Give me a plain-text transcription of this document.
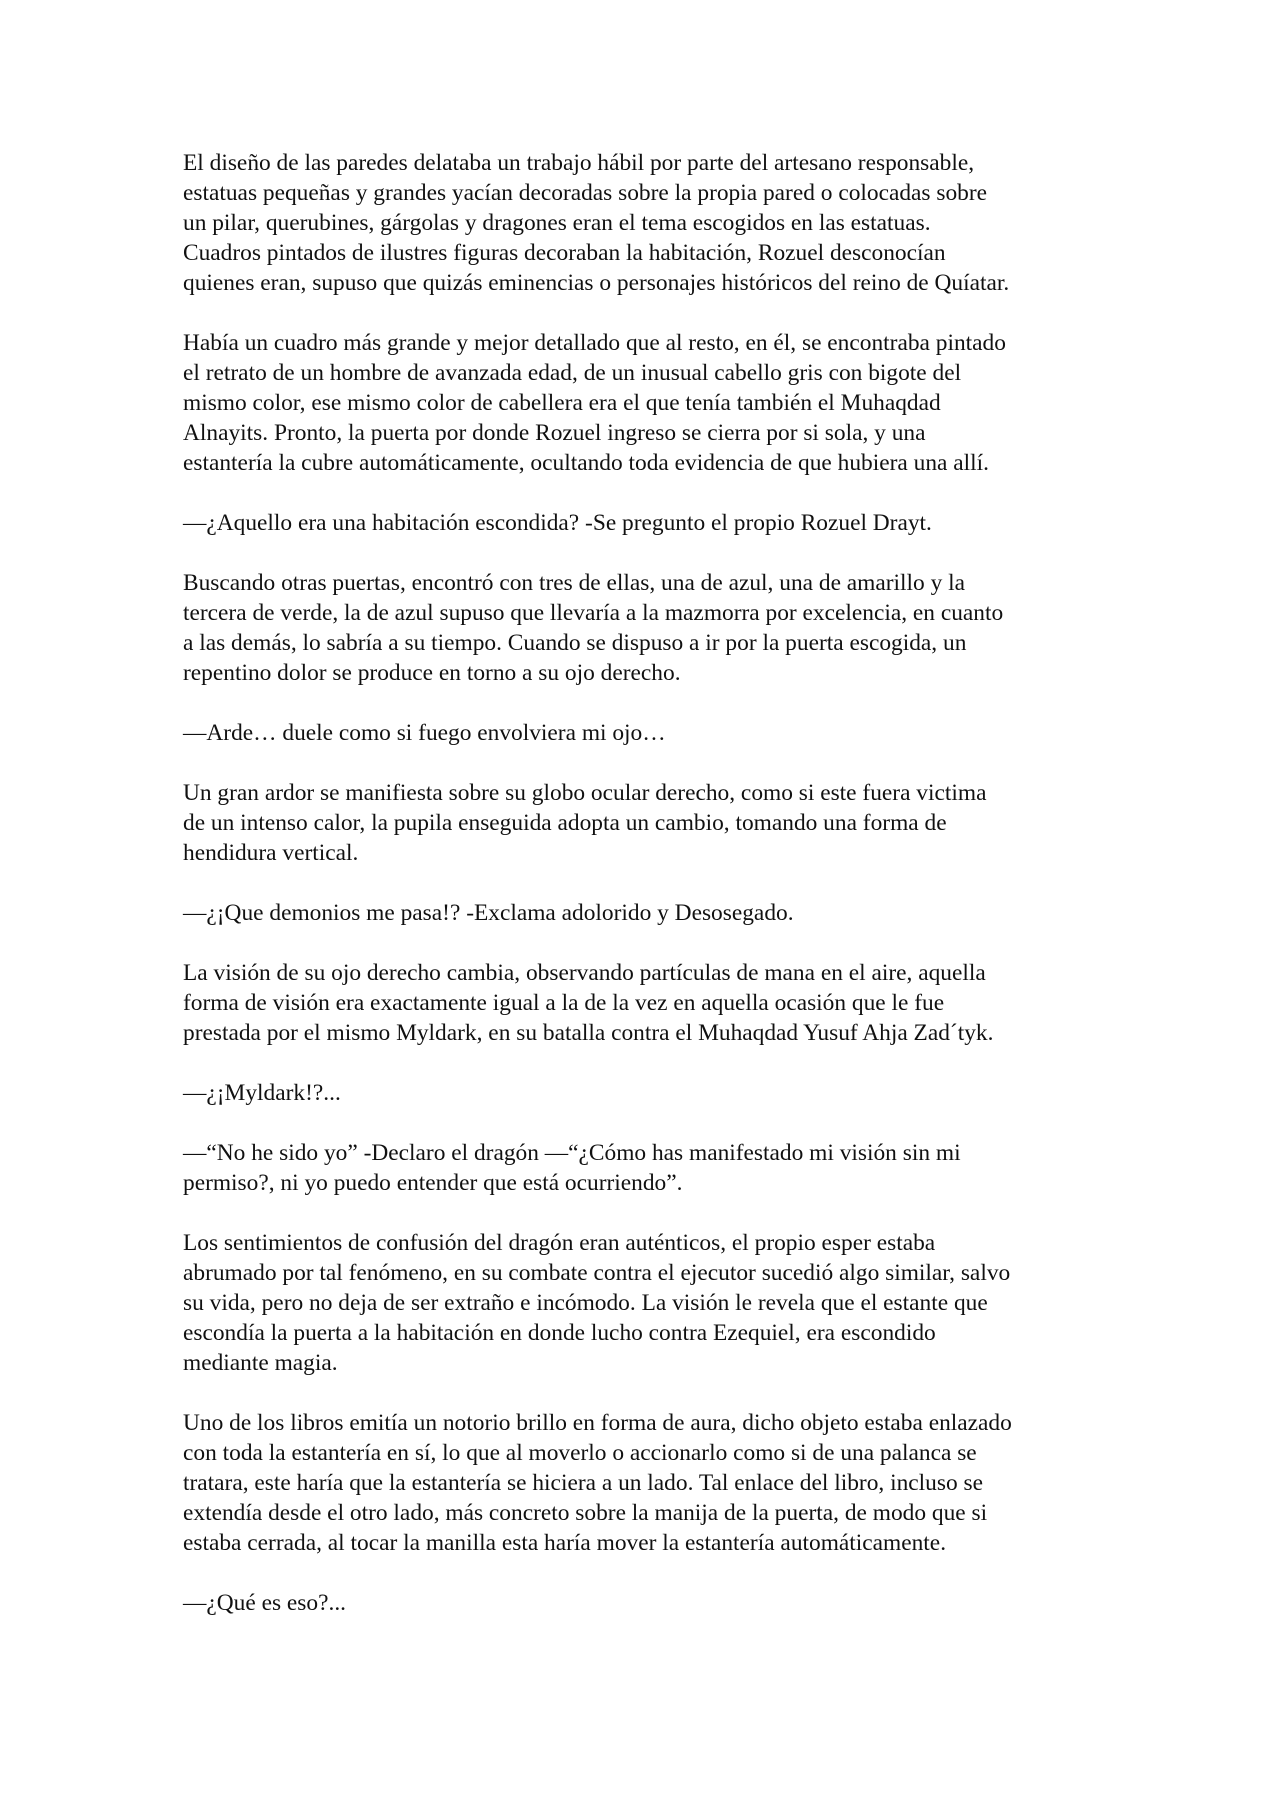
El diseño de las paredes delataba un trabajo hábil por parte del artesano responsable,
estatuas pequeñas y grandes yacían decoradas sobre la propia pared o colocadas sobre
un pilar, querubines, gárgolas y dragones eran el tema escogidos en las estatuas.
Cuadros pintados de ilustres figuras decoraban la habitación, Rozuel desconocían
quienes eran, supuso que quizás eminencias o personajes históricos del reino de Quíatar.

Había un cuadro más grande y mejor detallado que al resto, en él, se encontraba pintado
el retrato de un hombre de avanzada edad, de un inusual cabello gris con bigote del
mismo color, ese mismo color de cabellera era el que tenía también el Muhaqdad
Alnayits. Pronto, la puerta por donde Rozuel ingreso se cierra por si sola, y una
estantería la cubre automáticamente, ocultando toda evidencia de que hubiera una allí.

—¿Aquello era una habitación escondida? -Se pregunto el propio Rozuel Drayt.

Buscando otras puertas, encontró con tres de ellas, una de azul, una de amarillo y la
tercera de verde, la de azul supuso que llevaría a la mazmorra por excelencia, en cuanto
a las demás, lo sabría a su tiempo. Cuando se dispuso a ir por la puerta escogida, un
repentino dolor se produce en torno a su ojo derecho.

—Arde… duele como si fuego envolviera mi ojo…

Un gran ardor se manifiesta sobre su globo ocular derecho, como si este fuera victima
de un intenso calor, la pupila enseguida adopta un cambio, tomando una forma de
hendidura vertical.

—¿¡Que demonios me pasa!? -Exclama adolorido y Desosegado.

La visión de su ojo derecho cambia, observando partículas de mana en el aire, aquella
forma de visión era exactamente igual a la de la vez en aquella ocasión que le fue
prestada por el mismo Myldark, en su batalla contra el Muhaqdad Yusuf Ahja Zad´tyk.

—¿¡Myldark!?...

—“No he sido yo” -Declaro el dragón —“¿Cómo has manifestado mi visión sin mi
permiso?, ni yo puedo entender que está ocurriendo”.

Los sentimientos de confusión del dragón eran auténticos, el propio esper estaba
abrumado por tal fenómeno, en su combate contra el ejecutor sucedió algo similar, salvo
su vida, pero no deja de ser extraño e incómodo. La visión le revela que el estante que
escondía la puerta a la habitación en donde lucho contra Ezequiel, era escondido
mediante magia.

Uno de los libros emitía un notorio brillo en forma de aura, dicho objeto estaba enlazado
con toda la estantería en sí, lo que al moverlo o accionarlo como si de una palanca se
tratara, este haría que la estantería se hiciera a un lado. Tal enlace del libro, incluso se
extendía desde el otro lado, más concreto sobre la manija de la puerta, de modo que si
estaba cerrada, al tocar la manilla esta haría mover la estantería automáticamente.

—¿Qué es eso?...
